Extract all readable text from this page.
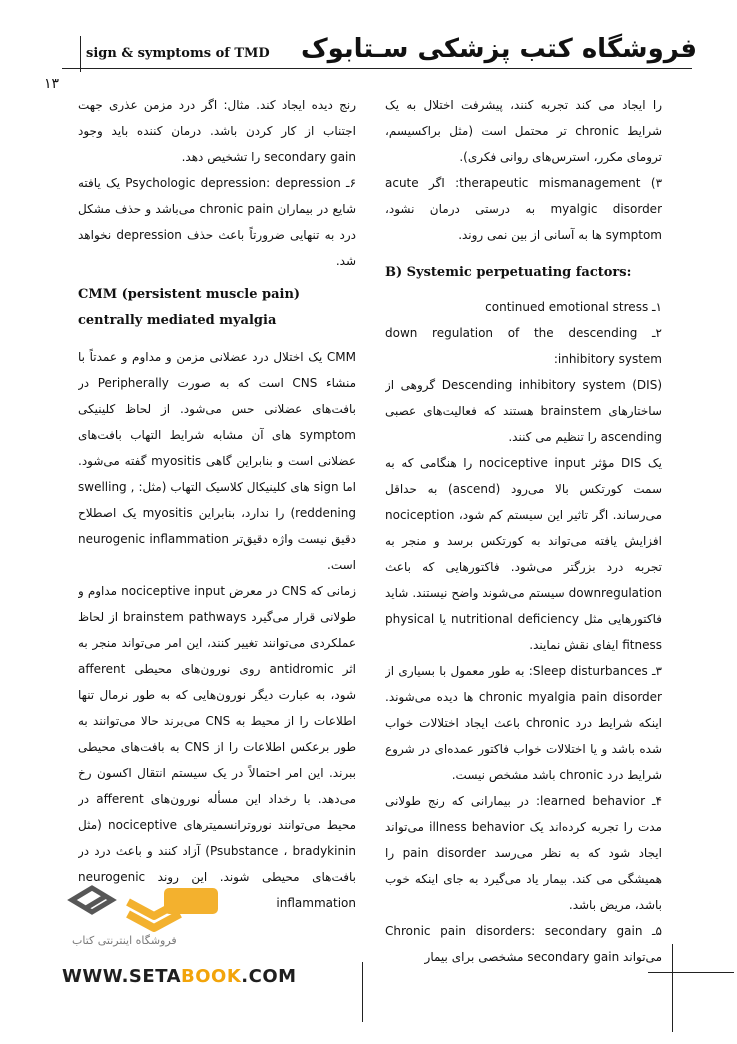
sign & symptoms of TMD فروشگاه کتب پزشکی سـتابوک
۱۳

را ایجاد می کند تجربه کنند، پیشرفت اختلال به یک شرایط chronic تر محتمل است (مثل براکسیسم، ترومای مکرر، استرس‌های روانی فکری).

۳) therapeutic mismanagement: اگر acute myalgic disorder به درستی درمان نشود، symptom ها به آسانی از بین نمی روند.

B) Systemic perpetuating factors:

۱ـ continued emotional stress

۲ـ down regulation of the descending inhibitory system:

Descending inhibitory system (DIS) گروهی از ساختارهای brainstem هستند که فعالیت‌های عصبی ascending را تنظیم می کنند.

یک DIS مؤثر nociceptive input را هنگامی که به سمت کورتکس بالا می‌رود (ascend) به حداقل می‌رساند. اگر تاثیر این سیستم کم شود، nociception افزایش یافته می‌تواند به کورتکس برسد و منجر به تجربه درد بزرگتر می‌شود. فاکتورهایی که باعث downregulation سیستم می‌شوند واضح نیستند. شاید فاکتورهایی مثل nutritional deficiency یا physical fitness ایفای نقش نمایند.

۳ـ Sleep disturbances: به طور معمول با بسیاری از chronic myalgia pain disorder ها دیده می‌شوند. اینکه شرایط درد chronic باعث ایجاد اختلالات خواب شده باشد و یا اختلالات خواب فاکتور عمده‌ای در شروع شرایط درد chronic باشد مشخص نیست.

۴ـ learned behavior: در بیمارانی که رنج طولانی مدت را تجربه کرده‌اند یک illness behavior می‌تواند ایجاد شود که به نظر می‌رسد pain disorder را همیشگی می کند. بیمار یاد می‌گیرد به جای اینکه خوب باشد، مریض باشد.

۵ـ Chronic pain disorders: secondary gain می‌تواند secondary gain مشخصی برای بیمار

رنج دیده ایجاد کند. مثال: اگر درد مزمن عذری جهت اجتناب از کار کردن باشد. درمان کننده باید وجود secondary gain را تشخیص دهد.

۶ـ Psychologic depression: depression یک یافته شایع در بیماران chronic pain می‌باشد و حذف مشکل درد به تنهایی ضرورتاً باعث حذف depression نخواهد شد.

CMM (persistent muscle pain) centrally mediated myalgia

CMM یک اختلال درد عضلانی مزمن و مداوم و عمدتاً با منشاء CNS است که به صورت Peripherally در بافت‌های عضلانی حس می‌شود. از لحاظ کلینیکی symptom های آن مشابه شرایط التهاب بافت‌های عضلانی است و بنابراین گاهی myositis گفته می‌شود. اما sign های کلینیکال کلاسیک التهاب (مثل: swelling , reddening) را ندارد، بنابراین myositis یک اصطلاح دقیق نیست واژه دقیق‌تر neurogenic inflammation است.

زمانی که CNS در معرض nociceptive input مداوم و طولانی قرار می‌گیرد brainstem pathways از لحاظ عملکردی می‌توانند تغییر کنند، این امر می‌تواند منجر به اثر antidromic روی نورون‌های محیطی afferent شود، به عبارت دیگر نورون‌هایی که به طور نرمال تنها اطلاعات را از محیط به CNS می‌برند حالا می‌توانند به طور برعکس اطلاعات را از CNS به بافت‌های محیطی ببرند. این امر احتمالاً در یک سیستم انتقال اکسون رخ می‌دهد. با رخداد این مسأله نورون‌های afferent در محیط می‌توانند نوروترانسمیترهای nociceptive (مثل Psubstance ، bradykinin) آزاد کنند و باعث درد در بافت‌های محیطی شوند. این روند neurogenic inflammation

فروشگاه اینترنتی کتاب
WWW.SETABOOK.COM
